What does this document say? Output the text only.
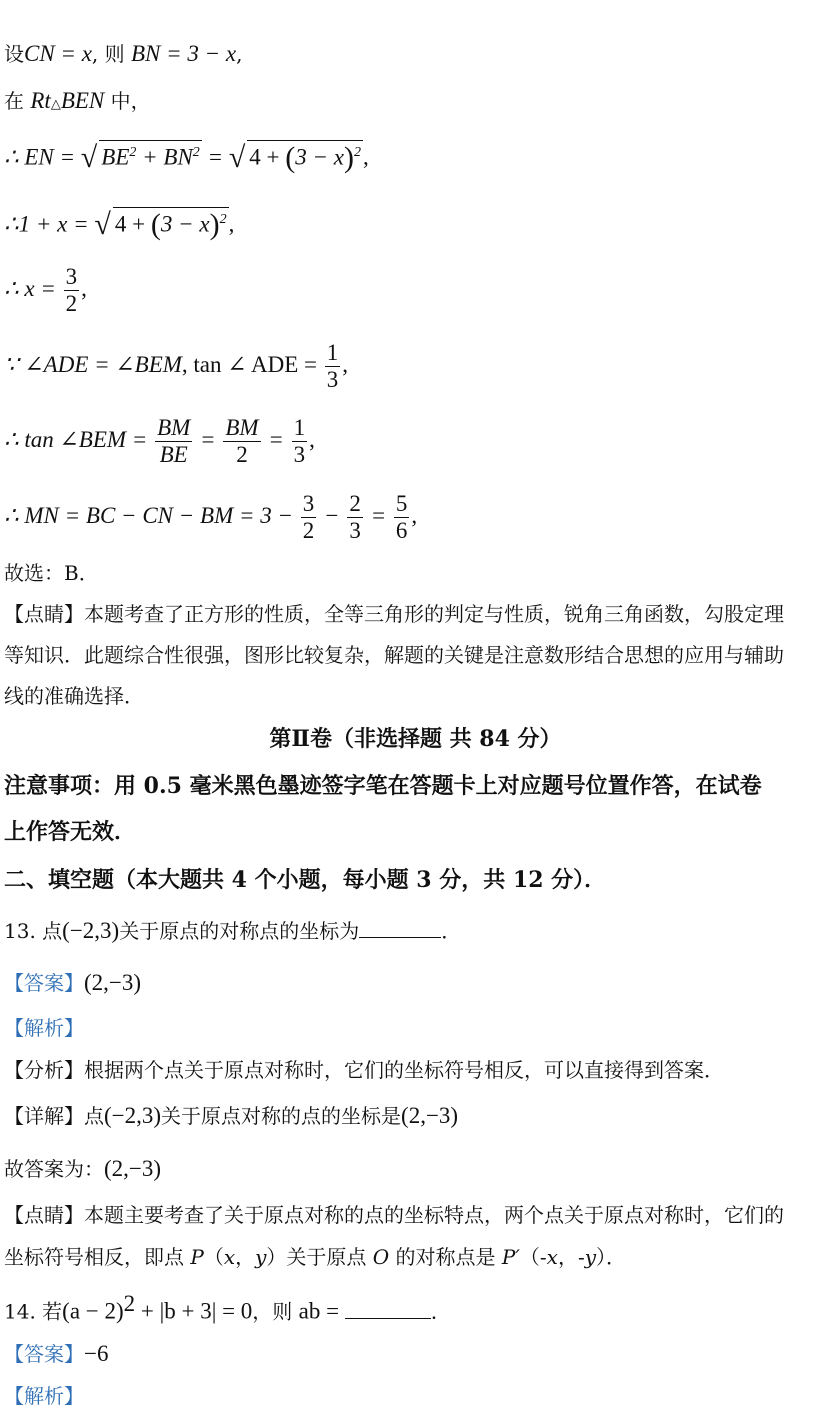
设CN = x, 则 BN = 3 − x,
在 Rt△BEN 中，
∴ EN = √ $BE^2 + BN^2$ = √ $4 + (3 - x)^2$,
∴1 + x = √ $4 + (3 - x)^2$,
∴ $x = \frac{3}{2}$ ,
∵ ∠ADE = ∠BEM, tan ∠ ADE = $\frac{1}{3}$ ,
∴ tan ∠BEM = $\frac{BM}{BE} = \frac{BM}{2} = \frac{1}{3}$ ,
∴ MN = BC − CN − BM = $3 - \frac{3}{2} - \frac{2}{3} = \frac{5}{6}$ ,
故选：B．
【点睛】本题考查了正方形的性质，全等三角形的判定与性质，锐角三角函数，勾股定理
等知识．此题综合性很强，图形比较复杂，解题的关键是注意数形结合思想的应用与辅助
线的准确选择．
第Ⅱ卷（非选择题 共 84 分）
注意事项：用 0.5 毫米黑色墨迹签字笔在答题卡上对应题号位置作答，在试卷
上作答无效．
二、填空题（本大题共 4 个小题，每小题 3 分，共 12 分）．
13. 点(−2,3)关于原点的对称点的坐标为	．
【答案】(2,−3)
【解析】
【分析】根据两个点关于原点对称时，它们的坐标符号相反，可以直接得到答案．
【详解】点(−2,3)关于原点对称的点的坐标是(2,−3)
故答案为：(2,−3)
【点睛】本题主要考查了关于原点对称的点的坐标特点，两个点关于原点对称时，它们的
坐标符号相反，即点 P（x，y）关于原点 O 的对称点是 P′（-x，-y）．
14. 若$(a - 2)^2 + |b + 3| = 0$，则 ab =	．
【答案】−6
【解析】
